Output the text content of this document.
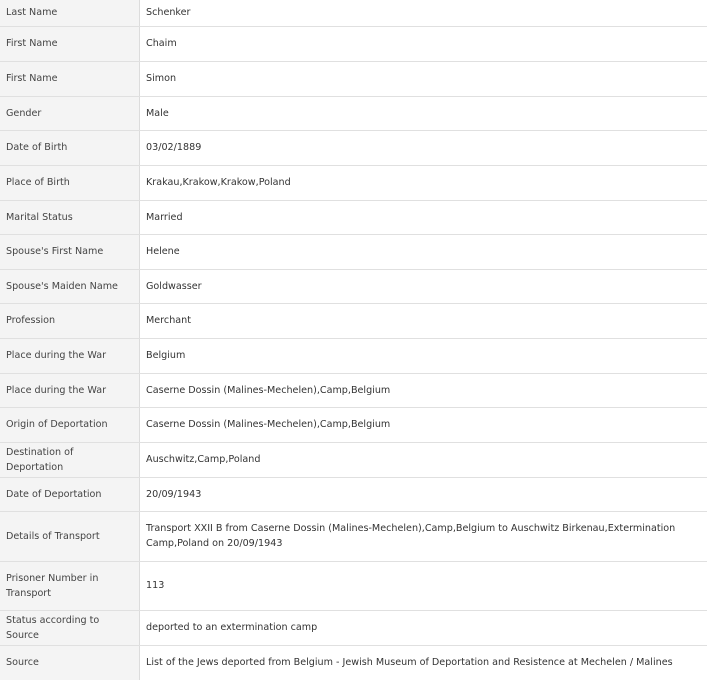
Last Name	Schenker
First Name	Chaim
First Name	Simon
Gender	Male
Date of Birth	03/02/1889
Place of Birth	Krakau,Krakow,Krakow,Poland
Marital Status	Married
Spouse's First Name	Helene
Spouse's Maiden Name	Goldwasser
Profession	Merchant
Place during the War	Belgium
Place during the War	Caserne Dossin (Malines-Mechelen),Camp,Belgium
Origin of Deportation	Caserne Dossin (Malines-Mechelen),Camp,Belgium
Destination of Deportation	Auschwitz,Camp,Poland
Date of Deportation	20/09/1943
Details of Transport	Transport XXII B from Caserne Dossin (Malines-Mechelen),Camp,Belgium to Auschwitz Birkenau,Extermination Camp,Poland on 20/09/1943
Prisoner Number in Transport	113
Status according to Source	deported to an extermination camp
Source	List of the Jews deported from Belgium - Jewish Museum of Deportation and Resistence at Mechelen / Malines
